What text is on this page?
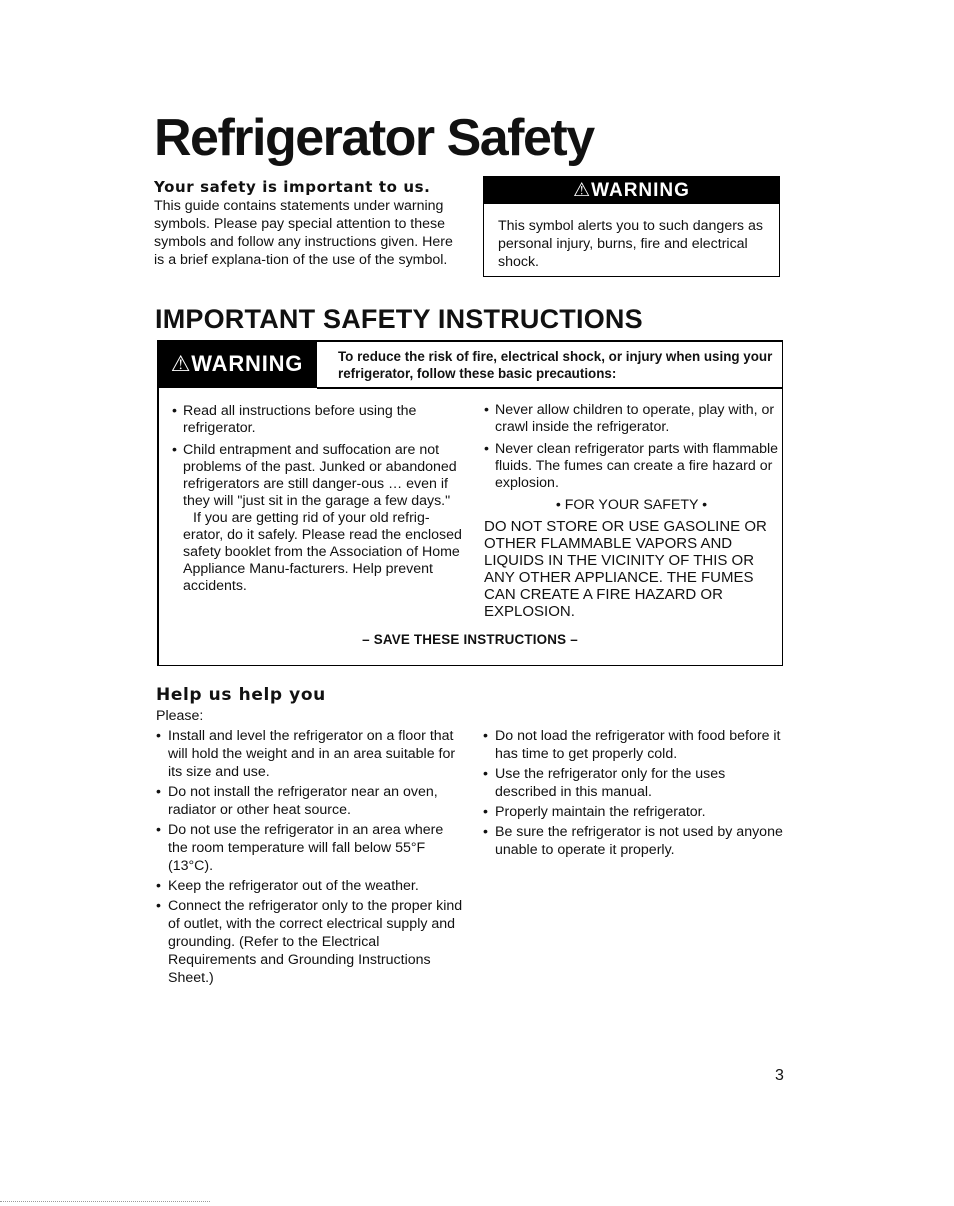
Refrigerator Safety
Your safety is important to us.
This guide contains statements under warning symbols. Please pay special attention to these symbols and follow any instructions given. Here is a brief explana-tion of the use of the symbol.
⚠WARNING
This symbol alerts you to such dangers as personal injury, burns, fire and electrical shock.
IMPORTANT SAFETY INSTRUCTIONS
⚠WARNING	To reduce the risk of fire, electrical shock, or injury when using your refrigerator, follow these basic precautions:
• Read all instructions before using the refrigerator.
• Child entrapment and suffocation are not problems of the past. Junked or abandoned refrigerators are still danger-ous … even if they will "just sit in the garage a few days."
If you are getting rid of your old refrig-erator, do it safely. Please read the enclosed safety booklet from the Association of Home Appliance Manu-facturers. Help prevent accidents.
• Never allow children to operate, play with, or crawl inside the refrigerator.
• Never clean refrigerator parts with flammable fluids. The fumes can create a fire hazard or explosion.
• FOR YOUR SAFETY •
DO NOT STORE OR USE GASOLINE OR OTHER FLAMMABLE VAPORS AND LIQUIDS IN THE VICINITY OF THIS OR ANY OTHER APPLIANCE. THE FUMES CAN CREATE A FIRE HAZARD OR EXPLOSION.
– SAVE THESE INSTRUCTIONS –
Help us help you
Please:
• Install and level the refrigerator on a floor that will hold the weight and in an area suitable for its size and use.
• Do not install the refrigerator near an oven, radiator or other heat source.
• Do not use the refrigerator in an area where the room temperature will fall below 55°F (13°C).
• Keep the refrigerator out of the weather.
• Connect the refrigerator only to the proper kind of outlet, with the correct electrical supply and grounding. (Refer to the Electrical Requirements and Grounding Instructions Sheet.)
• Do not load the refrigerator with food before it has time to get properly cold.
• Use the refrigerator only for the uses described in this manual.
• Properly maintain the refrigerator.
• Be sure the refrigerator is not used by anyone unable to operate it properly.
3
